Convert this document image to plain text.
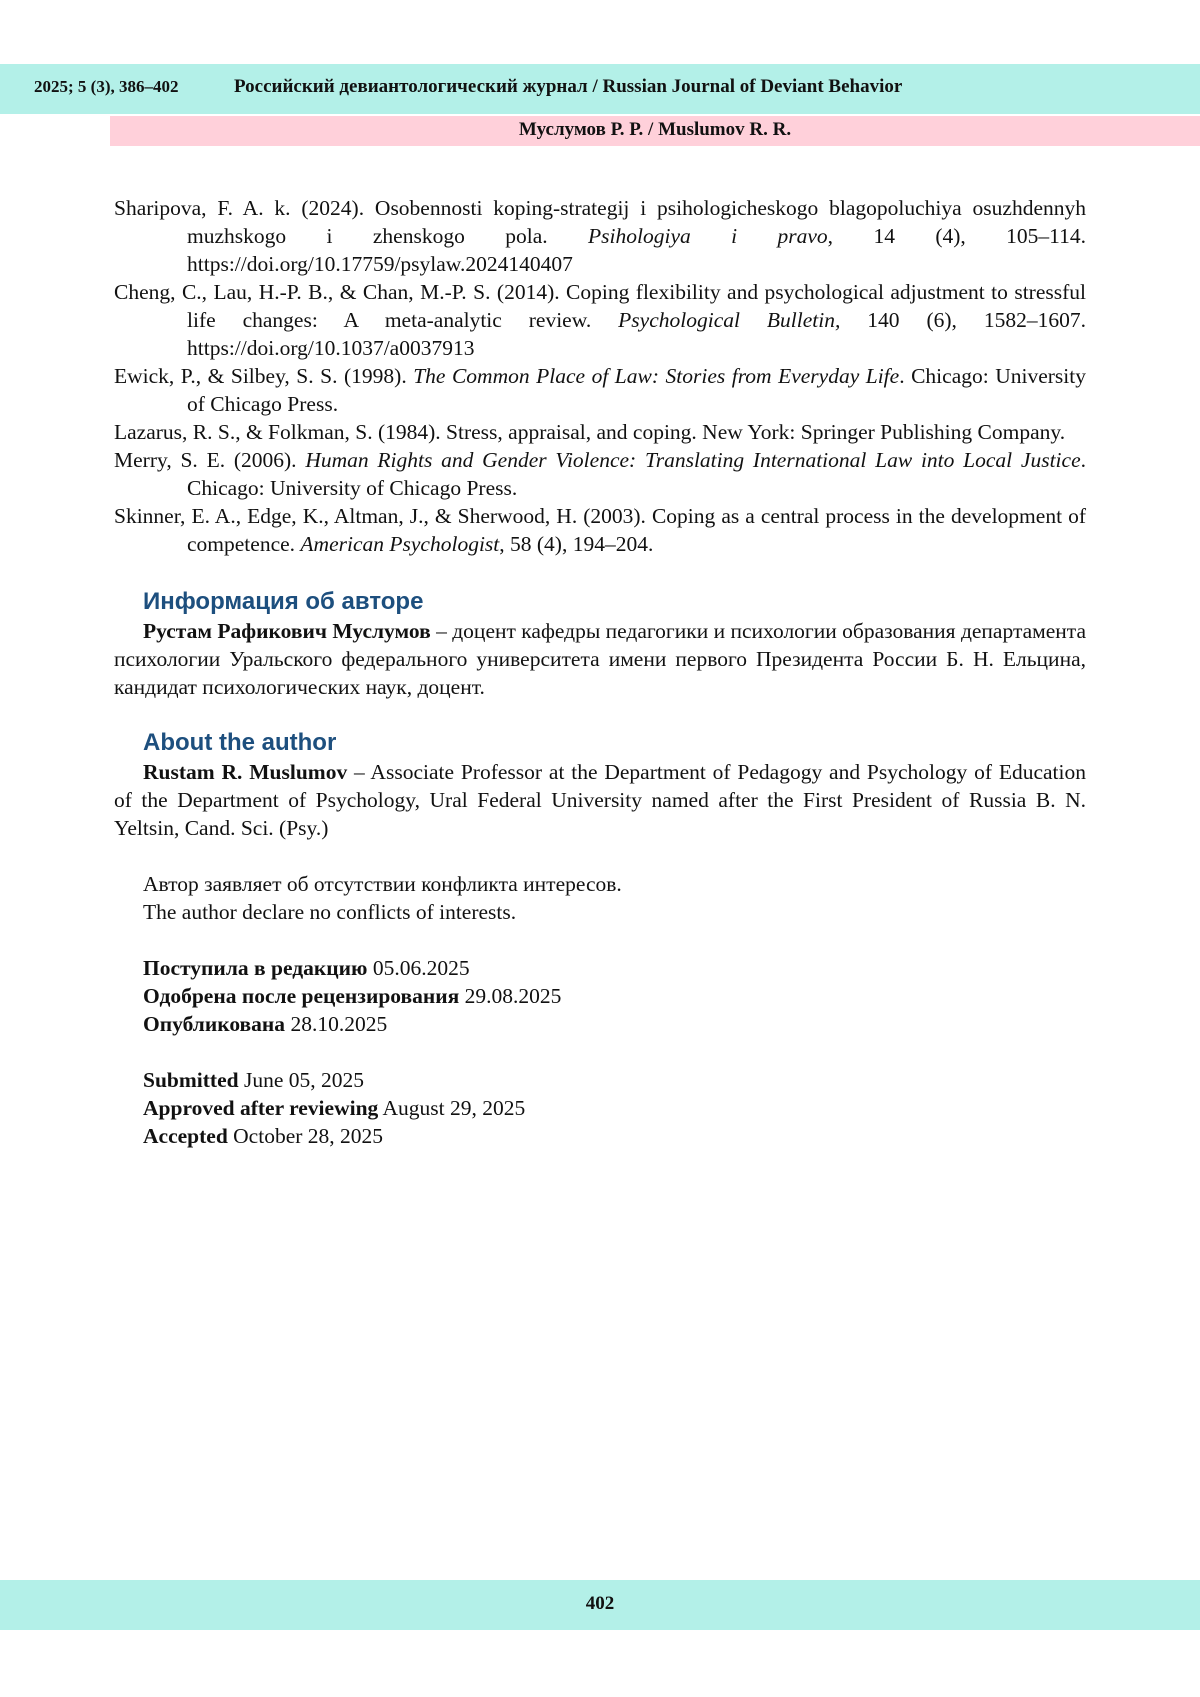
2025; 5 (3), 386–402	Российский девиантологический журнал / Russian Journal of Deviant Behavior
Муслумов Р. Р. / Muslumov R. R.

Sharipova, F. A. k. (2024). Osobennosti koping-strategij i psihologicheskogo blagopoluchiya osuzhdennyh muzhskogo i zhenskogo pola. Psihologiya i pravo, 14 (4), 105–114. https://doi.org/10.17759/psylaw.2024140407

Cheng, C., Lau, H.-P. B., & Chan, M.-P. S. (2014). Coping flexibility and psychological adjustment to stressful life changes: A meta-analytic review. Psychological Bulletin, 140 (6), 1582–1607. https://doi.org/10.1037/a0037913

Ewick, P., & Silbey, S. S. (1998). The Common Place of Law: Stories from Everyday Life. Chicago: University of Chicago Press.

Lazarus, R. S., & Folkman, S. (1984). Stress, appraisal, and coping. New York: Springer Publishing Company.

Merry, S. E. (2006). Human Rights and Gender Violence: Translating International Law into Local Justice. Chicago: University of Chicago Press.

Skinner, E. A., Edge, K., Altman, J., & Sherwood, H. (2003). Coping as a central process in the development of competence. American Psychologist, 58 (4), 194–204.

Информация об авторе

Рустам Рафикович Муслумов – доцент кафедры педагогики и психологии образования департамента психологии Уральского федерального университета имени первого Президента России Б. Н. Ельцина, кандидат психологических наук, доцент.

About the author

Rustam R. Muslumov – Associate Professor at the Department of Pedagogy and Psychology of Education of the Department of Psychology, Ural Federal University named after the First President of Russia B. N. Yeltsin, Cand. Sci. (Psy.)

Автор заявляет об отсутствии конфликта интересов.

The author declare no conflicts of interests.

Поступила в редакцию 05.06.2025

Одобрена после рецензирования 29.08.2025

Опубликована 28.10.2025

Submitted June 05, 2025

Approved after reviewing August 29, 2025

Accepted October 28, 2025

402
